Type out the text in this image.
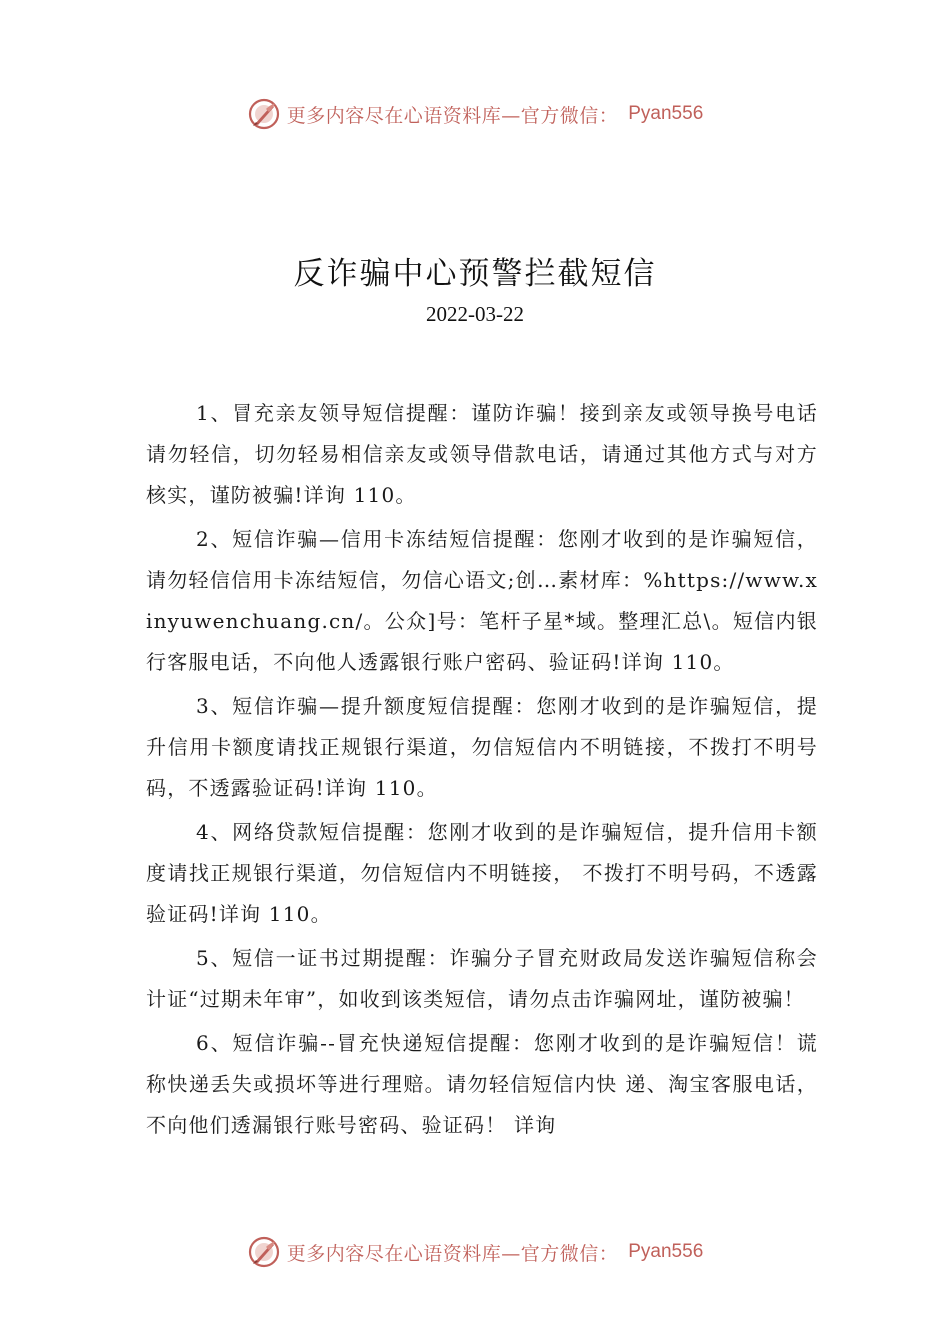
更多内容尽在心语资料库—官方微信： Pyan556
反诈骗中心预警拦截短信
2022-03-22

1、冒充亲友领导短信提醒：谨防诈骗！接到亲友或领导换号电话请勿轻信，切勿轻易相信亲友或领导借款电话，请通过其他方式与对方核实，谨防被骗!详询 110。

2、短信诈骗—信用卡冻结短信提醒：您刚才收到的是诈骗短信，请勿轻信信用卡冻结短信，勿信心语文;创…素材库：%https://www.xinyuwenchuang.cn/。公众]号：笔杆子星*域。整理汇总\。短信内银行客服电话，不向他人透露银行账户密码、验证码!详询 110。

3、短信诈骗—提升额度短信提醒：您刚才收到的是诈骗短信，提升信用卡额度请找正规银行渠道，勿信短信内不明链接，不拨打不明号码，不透露验证码!详询 110。

4、网络贷款短信提醒：您刚才收到的是诈骗短信，提升信用卡额度请找正规银行渠道，勿信短信内不明链接， 不拨打不明号码，不透露验证码!详询 110。

5、短信一证书过期提醒：诈骗分子冒充财政局发送诈骗短信称会计证“过期未年审”，如收到该类短信，请勿点击诈骗网址，谨防被骗！

6、短信诈骗--冒充快递短信提醒：您刚才收到的是诈骗短信！谎称快递丢失或损坏等进行理赔。请勿轻信短信内快 递、淘宝客服电话，不向他们透漏银行账号密码、验证码！ 详询

更多内容尽在心语资料库—官方微信： Pyan556
